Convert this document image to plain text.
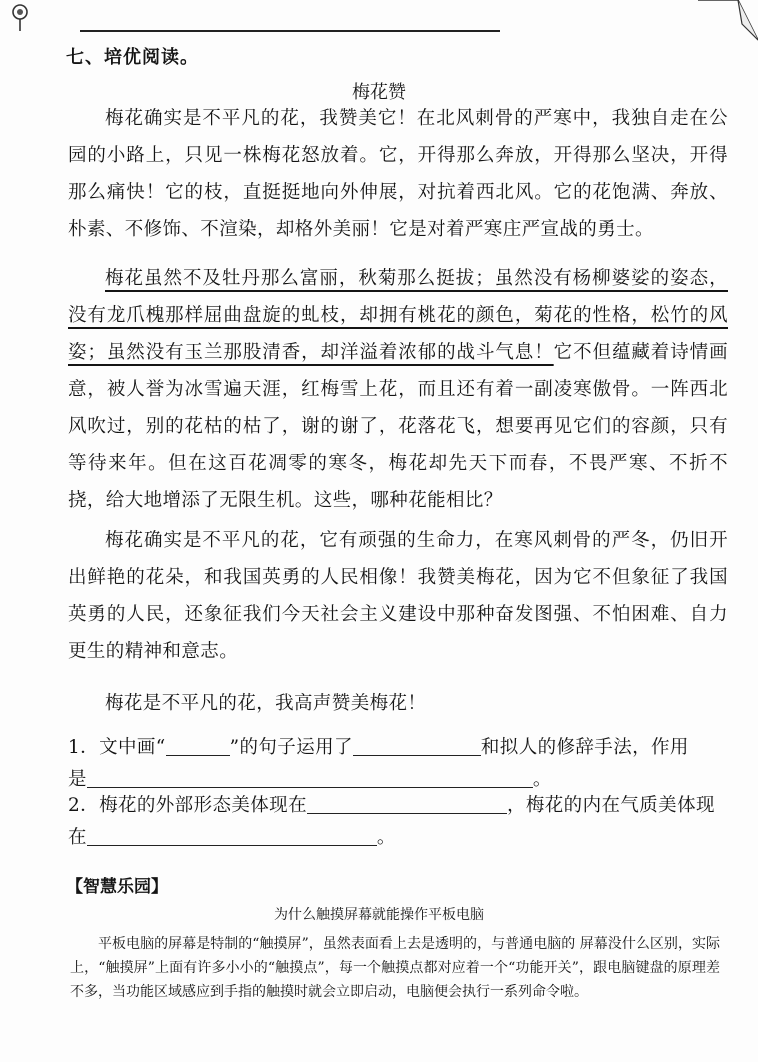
七、培优阅读。
梅花赞

梅花确实是不平凡的花，我赞美它！在北风刺骨的严寒中，我独自走在公园的小路上，只见一株梅花怒放着。它，开得那么奔放，开得那么坚决，开得那么痛快！它的枝，直挺挺地向外伸展，对抗着西北风。它的花饱满、奔放、朴素、不修饰、不渲染，却格外美丽！它是对着严寒庄严宣战的勇士。

梅花虽然不及牡丹那么富丽，秋菊那么挺拔；虽然没有杨柳婆娑的姿态，没有龙爪槐那样屈曲盘旋的虬枝，却拥有桃花的颜色，菊花的性格，松竹的风姿；虽然没有玉兰那股清香，却洋溢着浓郁的战斗气息！它不但蕴藏着诗情画意，被人誉为冰雪遍天涯，红梅雪上花，而且还有着一副凌寒傲骨。一阵西北风吹过，别的花枯的枯了，谢的谢了，花落花飞，想要再见它们的容颜，只有等待来年。但在这百花凋零的寒冬，梅花却先天下而春，不畏严寒、不折不挠，给大地增添了无限生机。这些，哪种花能相比？

梅花确实是不平凡的花，它有顽强的生命力，在寒风刺骨的严冬，仍旧开出鲜艳的花朵，和我国英勇的人民相像！我赞美梅花，因为它不但象征了我国英勇的人民，还象征我们今天社会主义建设中那种奋发图强、不怕困难、自力更生的精神和意志。

梅花是不平凡的花，我高声赞美梅花！

1．文中画“	”的句子运用了	和拟人的修辞手法，作用
是	。
2．梅花的外部形态美体现在	，梅花的内在气质美体现
在	。
【智慧乐园】
为什么触摸屏幕就能操作平板电脑

平板电脑的屏幕是特制的“触摸屏”，虽然表面看上去是透明的，与普通电脑的 屏幕没什么区别，实际上，“触摸屏”上面有许多小小的“触摸点”，每一个触摸点都对应着一个“功能开关”，跟电脑键盘的原理差不多，当功能区域感应到手指的触摸时就会立即启动，电脑便会执行一系列命令啦。
